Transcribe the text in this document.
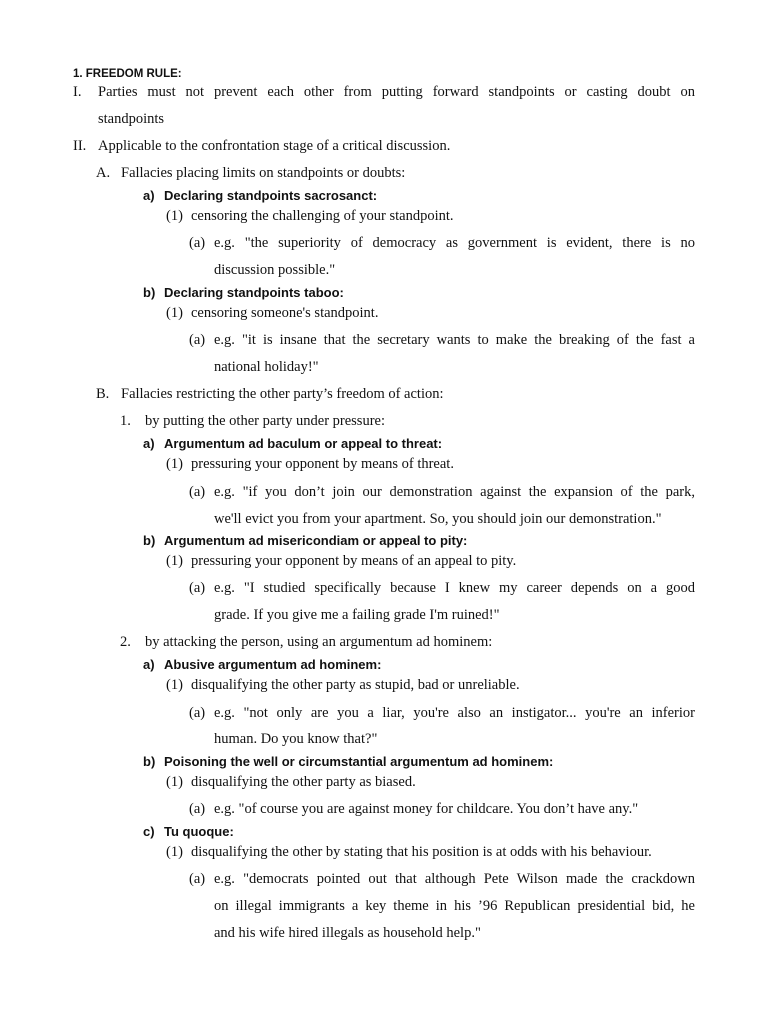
1. FREEDOM RULE:
I. Parties must not prevent each other from putting forward standpoints or casting doubt on
standpoints
II. Applicable to the confrontation stage of a critical discussion.
A. Fallacies placing limits on standpoints or doubts:
a) Declaring standpoints sacrosanct:
(1) censoring the challenging of your standpoint.
(a) e.g. "the superiority of democracy as government is evident, there is no
discussion possible."
b) Declaring standpoints taboo:
(1) censoring someone's standpoint.
(a) e.g. "it is insane that the secretary wants to make the breaking of the fast a
national holiday!"
B. Fallacies restricting the other party’s freedom of action:
1. by putting the other party under pressure:
a) Argumentum ad baculum or appeal to threat:
(1) pressuring your opponent by means of threat.
(a) e.g. "if you don’t join our demonstration against the expansion of the park,
we'll evict you from your apartment. So, you should join our demonstration."
b) Argumentum ad misericondiam or appeal to pity:
(1) pressuring your opponent by means of an appeal to pity.
(a) e.g. "I studied specifically because I knew my career depends on a good
grade. If you give me a failing grade I'm ruined!"
2. by attacking the person, using an argumentum ad hominem:
a) Abusive argumentum ad hominem:
(1) disqualifying the other party as stupid, bad or unreliable.
(a) e.g. "not only are you a liar, you're also an instigator... you're an inferior
human. Do you know that?"
b) Poisoning the well or circumstantial argumentum ad hominem:
(1) disqualifying the other party as biased.
(a) e.g. "of course you are against money for childcare. You don’t have any."
c) Tu quoque:
(1) disqualifying the other by stating that his position is at odds with his behaviour.
(a) e.g. "democrats pointed out that although Pete Wilson made the crackdown
on illegal immigrants a key theme in his ’96 Republican presidential bid, he
and his wife hired illegals as household help."
